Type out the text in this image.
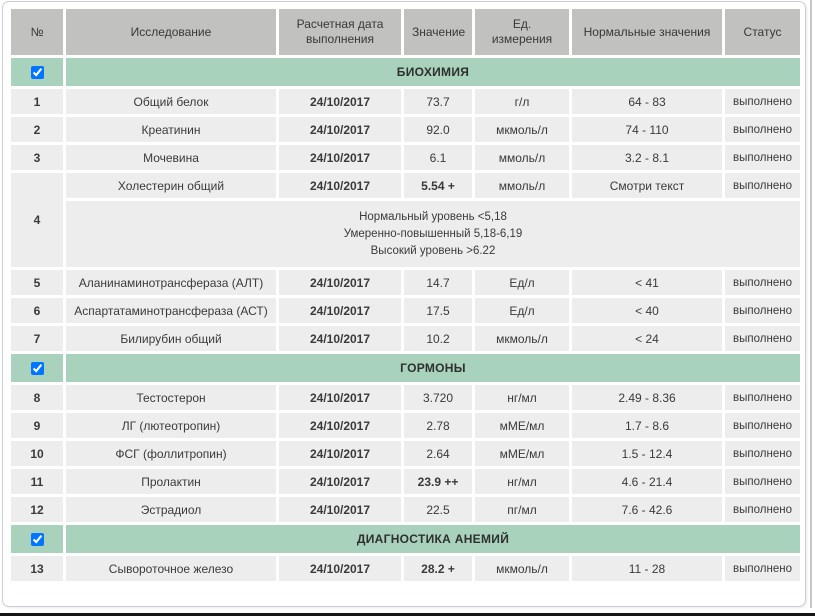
№	Исследование	Расчетная дата выполнения	Значение	Ед. измерения	Нормальные значения	Статус
	БИОХИМИЯ					
1	Общий белок	24/10/2017	73.7	г/л	64 - 83	выполнено
2	Креатинин	24/10/2017	92.0	мкмоль/л	74 - 110	выполнено
3	Мочевина	24/10/2017	6.1	ммоль/л	3.2 - 8.1	выполнено
4	Холестерин общий	24/10/2017	5.54 +	ммоль/л	Смотри текст	выполнено

	Нормальный уровень <5,18
Умеренно-повышенный 5,18-6,19
Высокий уровень >6.22					

5	Аланинаминотрансфераза (АЛТ)	24/10/2017	14.7	Ед/л	< 41	выполнено
6	Аспартатаминотрансфераза (АСТ)	24/10/2017	17.5	Ед/л	< 40	выполнено
7	Билирубин общий	24/10/2017	10.2	мкмоль/л	< 24	выполнено
	ГОРМОНЫ					
8	Тестостерон	24/10/2017	3.720	нг/мл	2.49 - 8.36	выполнено
9	ЛГ (лютеотропин)	24/10/2017	2.78	мМЕ/мл	1.7 - 8.6	выполнено
10	ФСГ (фоллитропин)	24/10/2017	2.64	мМЕ/мл	1.5 - 12.4	выполнено
11	Пролактин	24/10/2017	23.9 ++	нг/мл	4.6 - 21.4	выполнено
12	Эстрадиол	24/10/2017	22.5	пг/мл	7.6 - 42.6	выполнено
	ДИАГНОСТИКА АНЕМИЙ					
13	Сывороточное железо	24/10/2017	28.2 +	мкмоль/л	11 - 28	выполнено
